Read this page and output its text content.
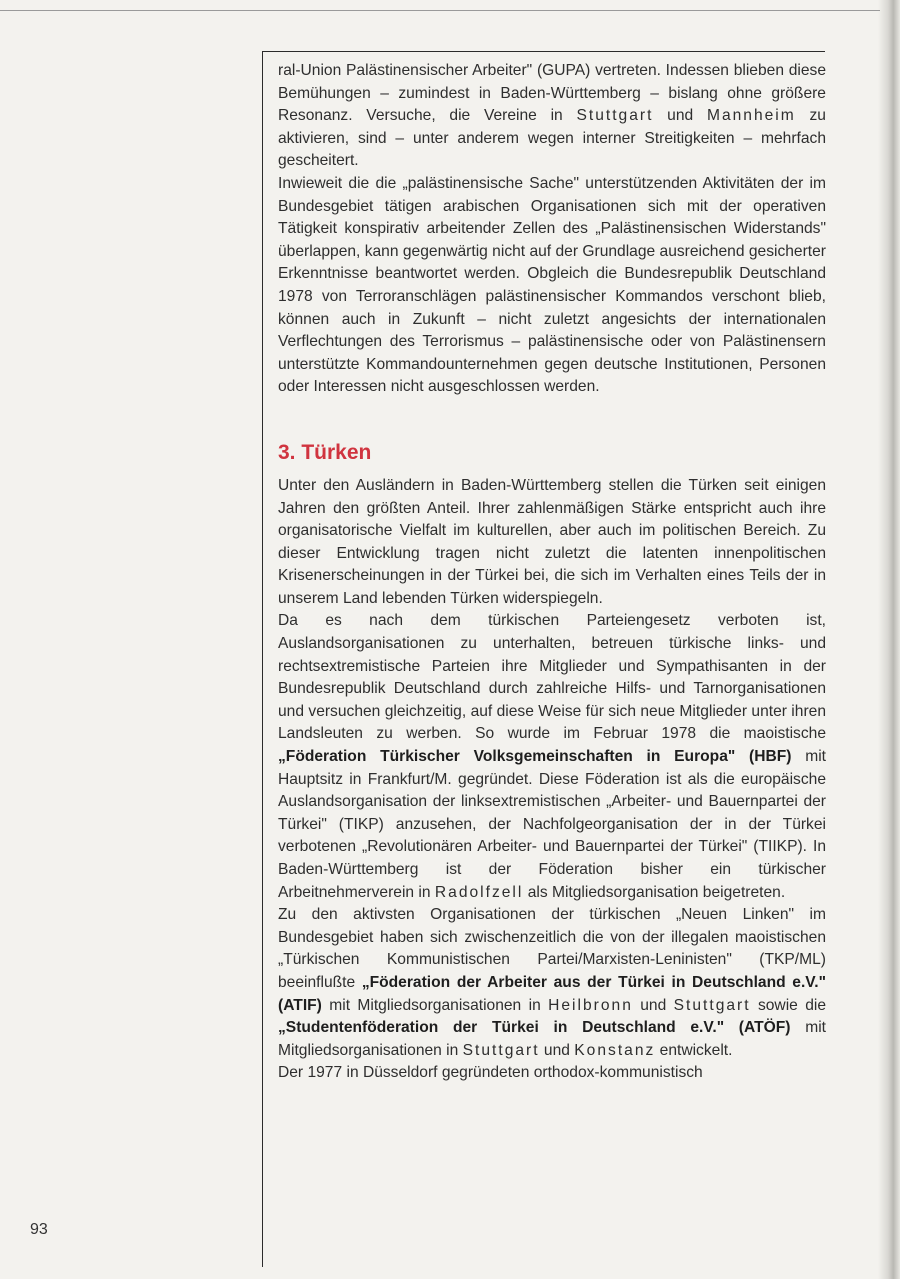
93

ral-Union Palästinensischer Arbeiter" (GUPA) vertreten. Indessen blieben diese Bemühungen – zumindest in Baden-Württemberg – bislang ohne größere Resonanz. Versuche, die Vereine in Stuttgart und Mannheim zu aktivieren, sind – unter anderem wegen interner Streitigkeiten – mehrfach gescheitert.

Inwieweit die die „palästinensische Sache" unterstützenden Aktivitäten der im Bundesgebiet tätigen arabischen Organisationen sich mit der operativen Tätigkeit konspirativ arbeitender Zellen des „Palästinensischen Widerstands" überlappen, kann gegenwärtig nicht auf der Grundlage ausreichend gesicherter Erkenntnisse beantwortet werden. Obgleich die Bundesrepublik Deutschland 1978 von Terroranschlägen palästinensischer Kommandos verschont blieb, können auch in Zukunft – nicht zuletzt angesichts der internationalen Verflechtungen des Terrorismus – palästinensische oder von Palästinensern unterstützte Kommandounternehmen gegen deutsche Institutionen, Personen oder Interessen nicht ausgeschlossen werden.

3. Türken

Unter den Ausländern in Baden-Württemberg stellen die Türken seit einigen Jahren den größten Anteil. Ihrer zahlenmäßigen Stärke entspricht auch ihre organisatorische Vielfalt im kulturellen, aber auch im politischen Bereich. Zu dieser Entwicklung tragen nicht zuletzt die latenten innenpolitischen Krisenerscheinungen in der Türkei bei, die sich im Verhalten eines Teils der in unserem Land lebenden Türken widerspiegeln.

Da es nach dem türkischen Parteiengesetz verboten ist, Auslandsorganisationen zu unterhalten, betreuen türkische links- und rechtsextremistische Parteien ihre Mitglieder und Sympathisanten in der Bundesrepublik Deutschland durch zahlreiche Hilfs- und Tarnorganisationen und versuchen gleichzeitig, auf diese Weise für sich neue Mitglieder unter ihren Landsleuten zu werben. So wurde im Februar 1978 die maoistische „Föderation Türkischer Volksgemeinschaften in Europa" (HBF) mit Hauptsitz in Frankfurt/M. gegründet. Diese Föderation ist als die europäische Auslandsorganisation der linksextremistischen „Arbeiter- und Bauernpartei der Türkei" (TIKP) anzusehen, der Nachfolgeorganisation der in der Türkei verbotenen „Revolutionären Arbeiter- und Bauernpartei der Türkei" (TIIKP). In Baden-Württemberg ist der Föderation bisher ein türkischer Arbeitnehmerverein in Radolfzell als Mitgliedsorganisation beigetreten.

Zu den aktivsten Organisationen der türkischen „Neuen Linken" im Bundesgebiet haben sich zwischenzeitlich die von der illegalen maoistischen „Türkischen Kommunistischen Partei/Marxisten-Leninisten" (TKP/ML) beeinflußte „Föderation der Arbeiter aus der Türkei in Deutschland e.V." (ATIF) mit Mitgliedsorganisationen in Heilbronn und Stuttgart sowie die „Studentenföderation der Türkei in Deutschland e.V." (ATÖF) mit Mitgliedsorganisationen in Stuttgart und Konstanz entwickelt.

Der 1977 in Düsseldorf gegründeten orthodox-kommunistisch
